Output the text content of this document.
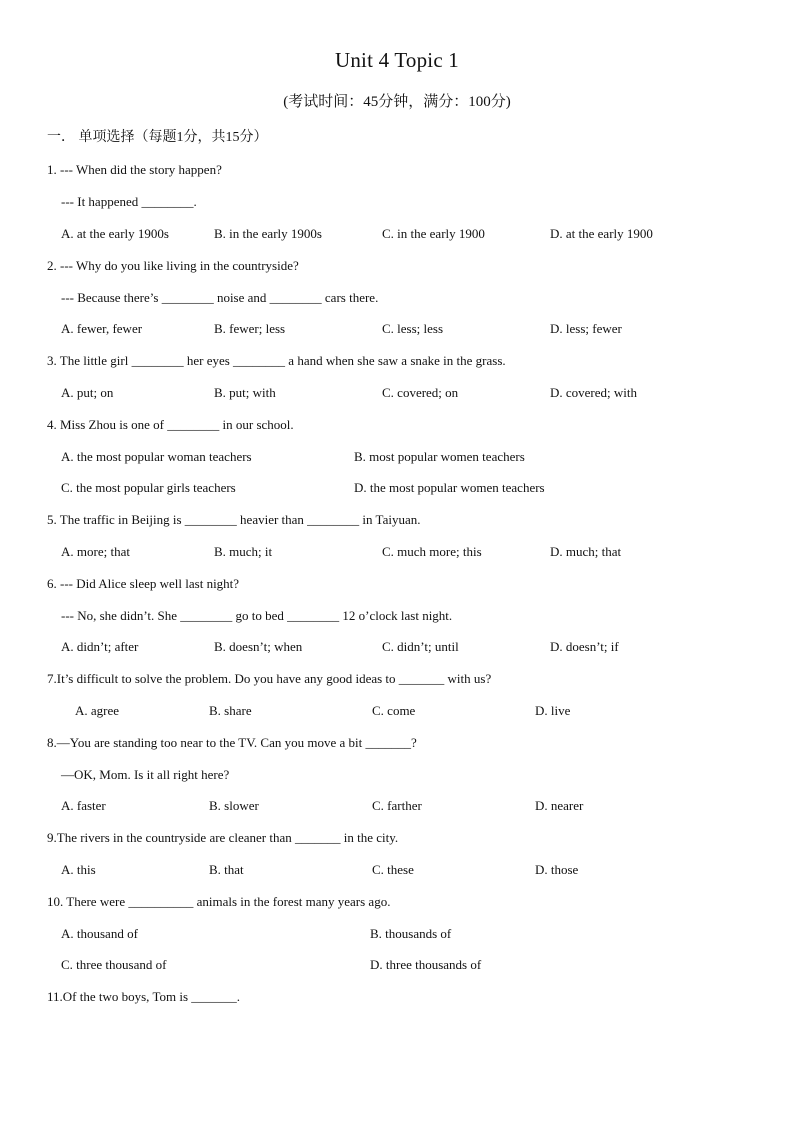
Unit 4 Topic 1
(考试时间：45分钟，满分：100分)
一． 单项选择（每题1分，共15分）
1. --- When did the story happen?
--- It happened ________.
A. at the early 1900s	B. in the early 1900s	C. in the early 1900	D. at the early 1900
2. --- Why do you like living in the countryside?
--- Because there’s ________ noise and ________ cars there.
A. fewer, fewer	B. fewer; less	C. less; less	D. less; fewer
3. The little girl ________ her eyes ________ a hand when she saw a snake in the grass.
A. put; on	B. put; with	C. covered; on	D. covered; with
4. Miss Zhou is one of ________ in our school.
A. the most popular woman teachers	B. most popular women teachers
C. the most popular girls teachers	D. the most popular women teachers
5. The traffic in Beijing is ________ heavier than ________ in Taiyuan.
A. more; that	B. much; it	C. much more; this	D. much; that
6. --- Did Alice sleep well last night?
--- No, she didn’t. She ________ go to bed ________ 12 o’clock last night.
A. didn’t; after	B. doesn’t; when	C. didn’t; until	D. doesn’t; if
7.It’s difficult to solve the problem. Do you have any good ideas to _______ with us?
A. agree	B. share	C. come	D. live
8.—You are standing too near to the TV. Can you move a bit _______?
—OK, Mom. Is it all right here?
A. faster	B. slower	C. farther	D. nearer
9.The rivers in the countryside are cleaner than _______ in the city.
A. this	B. that	C. these	D. those
10. There were __________ animals in the forest many years ago.
A. thousand of	B. thousands of
C. three thousand of	D. three thousands of
11.Of the two boys, Tom is _______.
